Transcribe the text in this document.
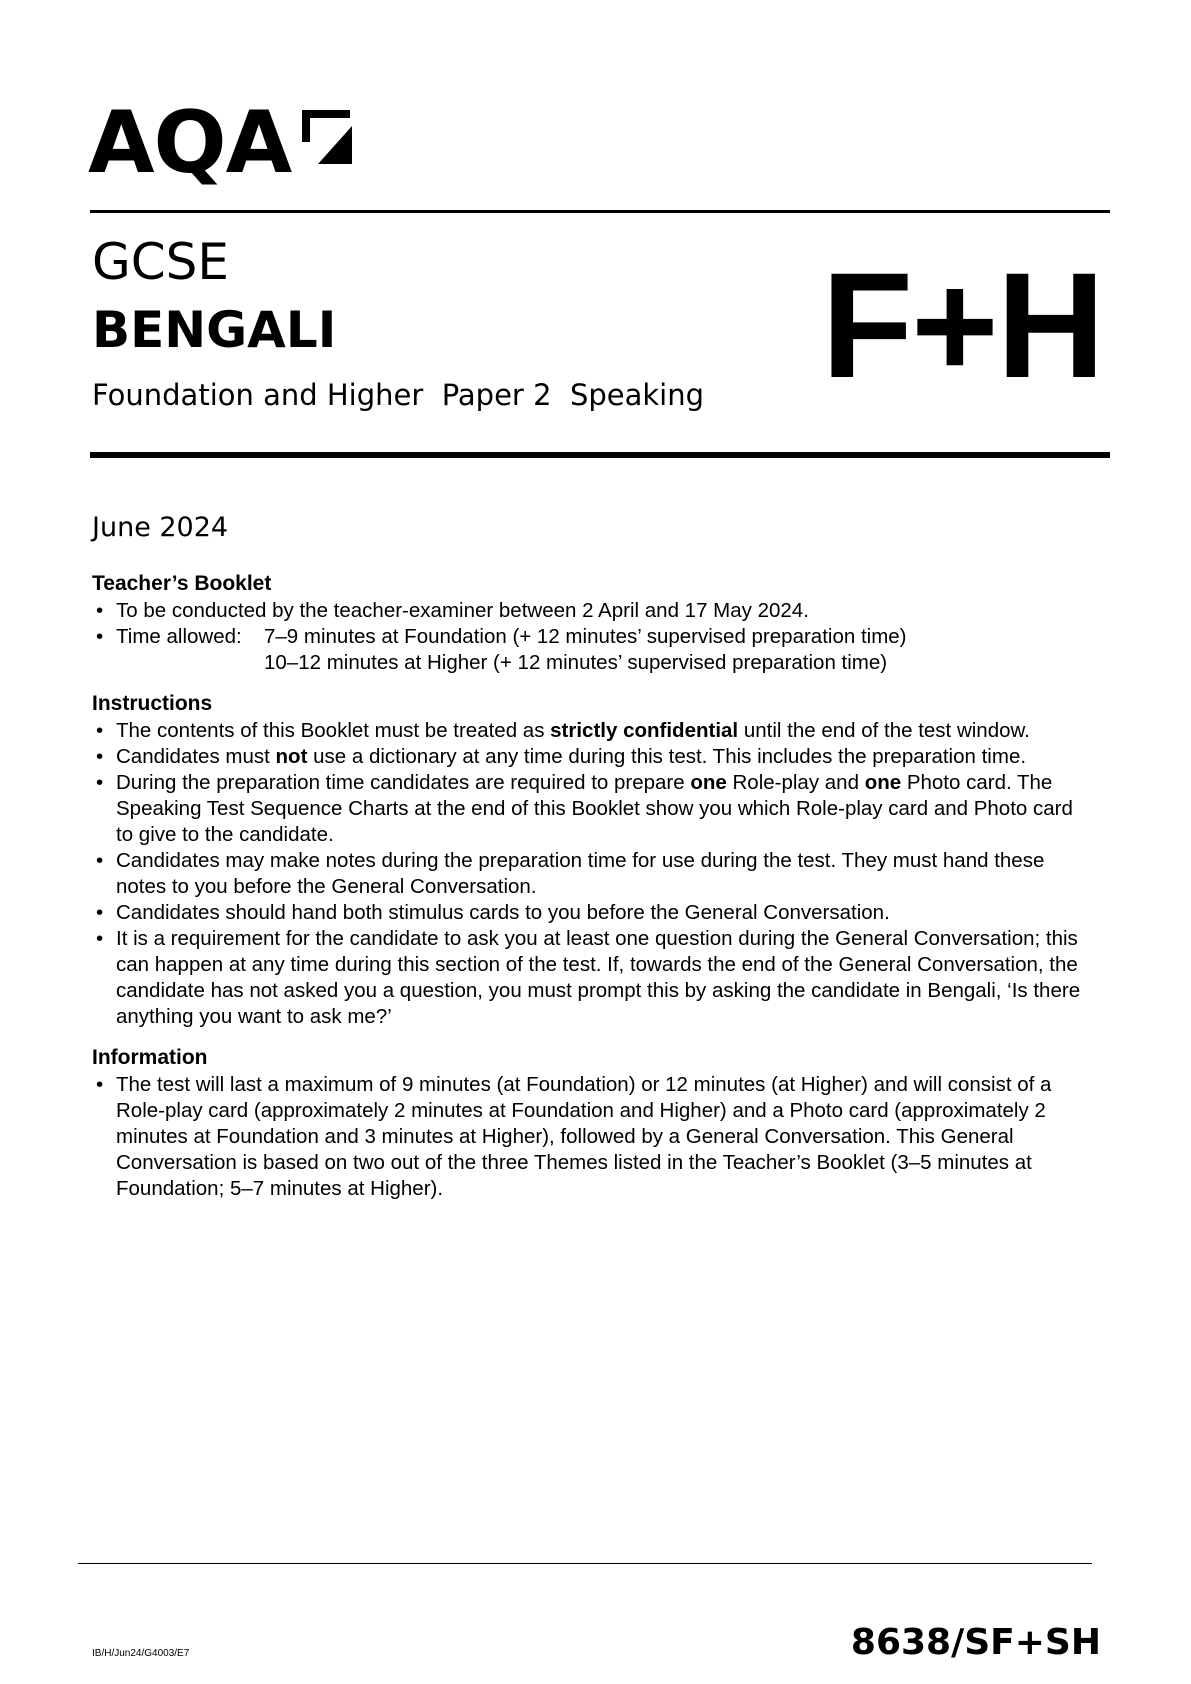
AQA
GCSE
BENGALI
Foundation and Higher  Paper 2  Speaking F+H
June 2024
Teacher’s Booklet
• To be conducted by the teacher-examiner between 2 April and 17 May 2024.
• Time allowed:	7–9 minutes at Foundation (+ 12 minutes’ supervised preparation time)
10–12 minutes at Higher (+ 12 minutes’ supervised preparation time)
Instructions
• The contents of this Booklet must be treated as strictly confidential until the end of the test window.
• Candidates must not use a dictionary at any time during this test. This includes the preparation time.
• During the preparation time candidates are required to prepare one Role-play and one Photo card. The Speaking Test Sequence Charts at the end of this Booklet show you which Role-play card and Photo card to give to the candidate.
• Candidates may make notes during the preparation time for use during the test. They must hand these notes to you before the General Conversation.
• Candidates should hand both stimulus cards to you before the General Conversation.
• It is a requirement for the candidate to ask you at least one question during the General Conversation; this can happen at any time during this section of the test. If, towards the end of the General Conversation, the candidate has not asked you a question, you must prompt this by asking the candidate in Bengali, ‘Is there anything you want to ask me?’
Information
• The test will last a maximum of 9 minutes (at Foundation) or 12 minutes (at Higher) and will consist of a Role-play card (approximately 2 minutes at Foundation and Higher) and a Photo card (approximately 2 minutes at Foundation and 3 minutes at Higher), followed by a General Conversation. This General Conversation is based on two out of the three Themes listed in the Teacher’s Booklet (3–5 minutes at Foundation; 5–7 minutes at Higher).
IB/H/Jun24/G4003/E7	8638/SF+SH
